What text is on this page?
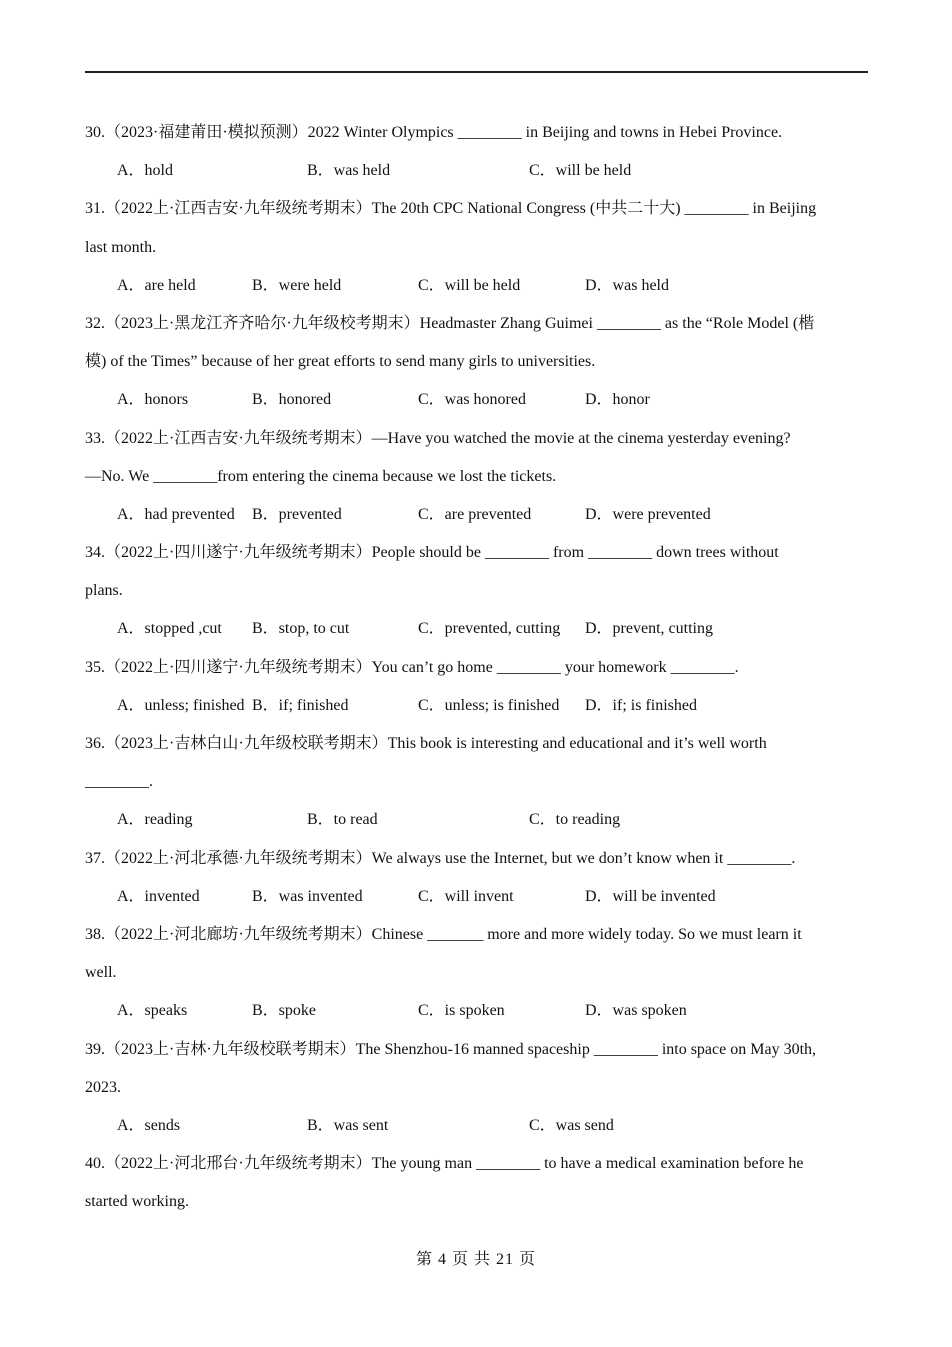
30.（2023·福建莆田·模拟预测）2022 Winter Olympics ________ in Beijing and towns in Hebei Province.
A．hold	B．was held	C．will be held
31.（2022上·江西吉安·九年级统考期末）The 20th CPC National Congress (中共二十大) ________ in Beijing
last month.
A．are held	B．were held	C．will be held	D．was held
32.（2023上·黑龙江齐齐哈尔·九年级校考期末）Headmaster Zhang Guimei ________ as the “Role Model (楷
模) of the Times” because of her great efforts to send many girls to universities.
A．honors	B．honored	C．was honored	D．honor
33.（2022上·江西吉安·九年级统考期末）—Have you watched the movie at the cinema yesterday evening?
—No. We ________from entering the cinema because we lost the tickets.
A．had prevented B．prevented	C．are prevented	D．were prevented
34.（2022上·四川遂宁·九年级统考期末）People should be ________ from ________ down trees without
plans.
A．stopped ,cut B．stop, to cut	C．prevented, cutting D．prevent, cutting
35.（2022上·四川遂宁·九年级统考期末）You can’t go home ________ your homework ________.
A．unless; finished B．if; finished	C．unless; is finished D．if; is finished
36.（2023上·吉林白山·九年级校联考期末）This book is interesting and educational and it’s well worth
________.
A．reading	B．to read	C．to reading
37.（2022上·河北承德·九年级统考期末）We always use the Internet, but we don’t know when it ________.
A．invented	B．was invented	C．will invent	D．will be invented
38.（2022上·河北廊坊·九年级统考期末）Chinese _______ more and more widely today. So we must learn it
well.
A．speaks	B．spoke	C．is spoken	D．was spoken
39.（2023上·吉林·九年级校联考期末）The Shenzhou-16 manned spaceship ________ into space on May 30th,
2023.
A．sends	B．was sent	C．was send
40.（2022上·河北邢台·九年级统考期末）The young man ________ to have a medical examination before he
started working.
第 4 页 共 21 页
